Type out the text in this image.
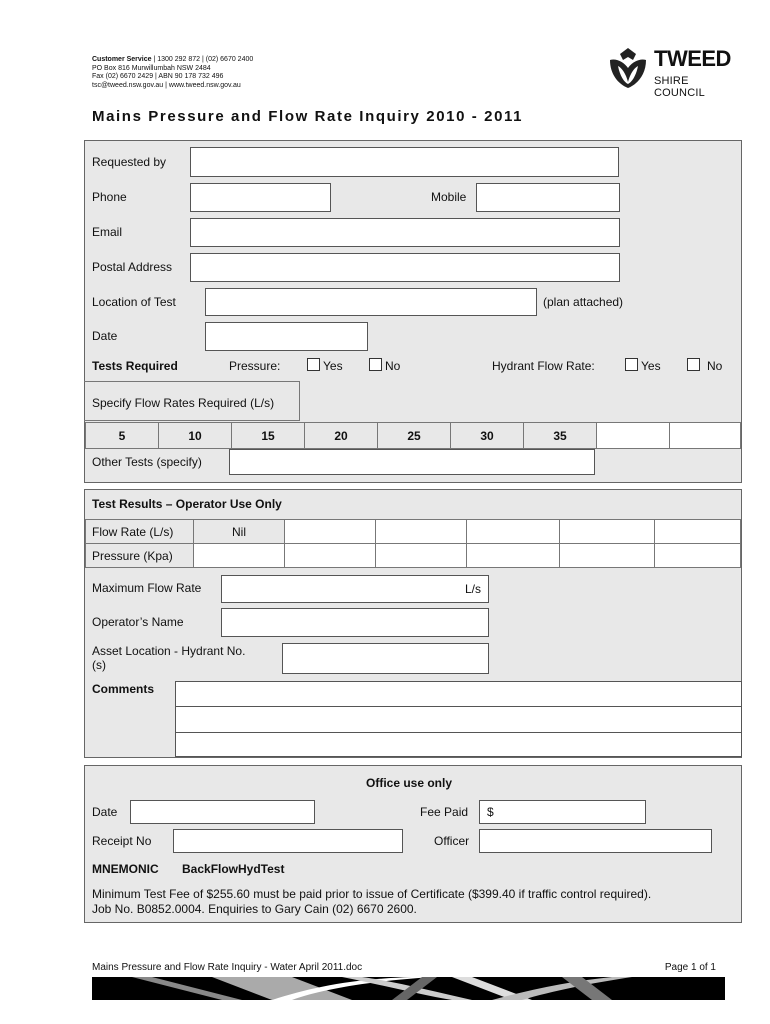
Customer Service | 1300 292 872 | (02) 6670 2400
PO Box 816 Murwillumbah NSW 2484
Fax (02) 6670 2429 | ABN 90 178 732 496
tsc@tweed.nsw.gov.au | www.tweed.nsw.gov.au
TWEED
SHIRE COUNCIL
Mains Pressure and Flow Rate Inquiry 2010 - 2011
Requested by
Phone	Mobile
Email
Postal Address
Location of Test	(plan attached)
Date
Tests Required	Pressure:	Yes	No	Hydrant Flow Rate:	Yes	No
Specify Flow Rates Required (L/s)
5	10	15	20	25	30	35		
Other Tests (specify)
Test Results – Operator Use Only
Flow Rate (L/s)	Nil					
Pressure (Kpa)						
Maximum Flow Rate	L/s
Operator’s Name
Asset Location - Hydrant No.(s)
Comments
Office use only
Date	Fee Paid $
Receipt No	Officer
MNEMONIC BackFlowHydTest
Minimum Test Fee of $255.60 must be paid prior to issue of Certificate ($399.40 if traffic control required).
Job No. B0852.0004. Enquiries to Gary Cain (02) 6670 2600.
Mains Pressure and Flow Rate Inquiry - Water April 2011.doc	Page 1 of 1
